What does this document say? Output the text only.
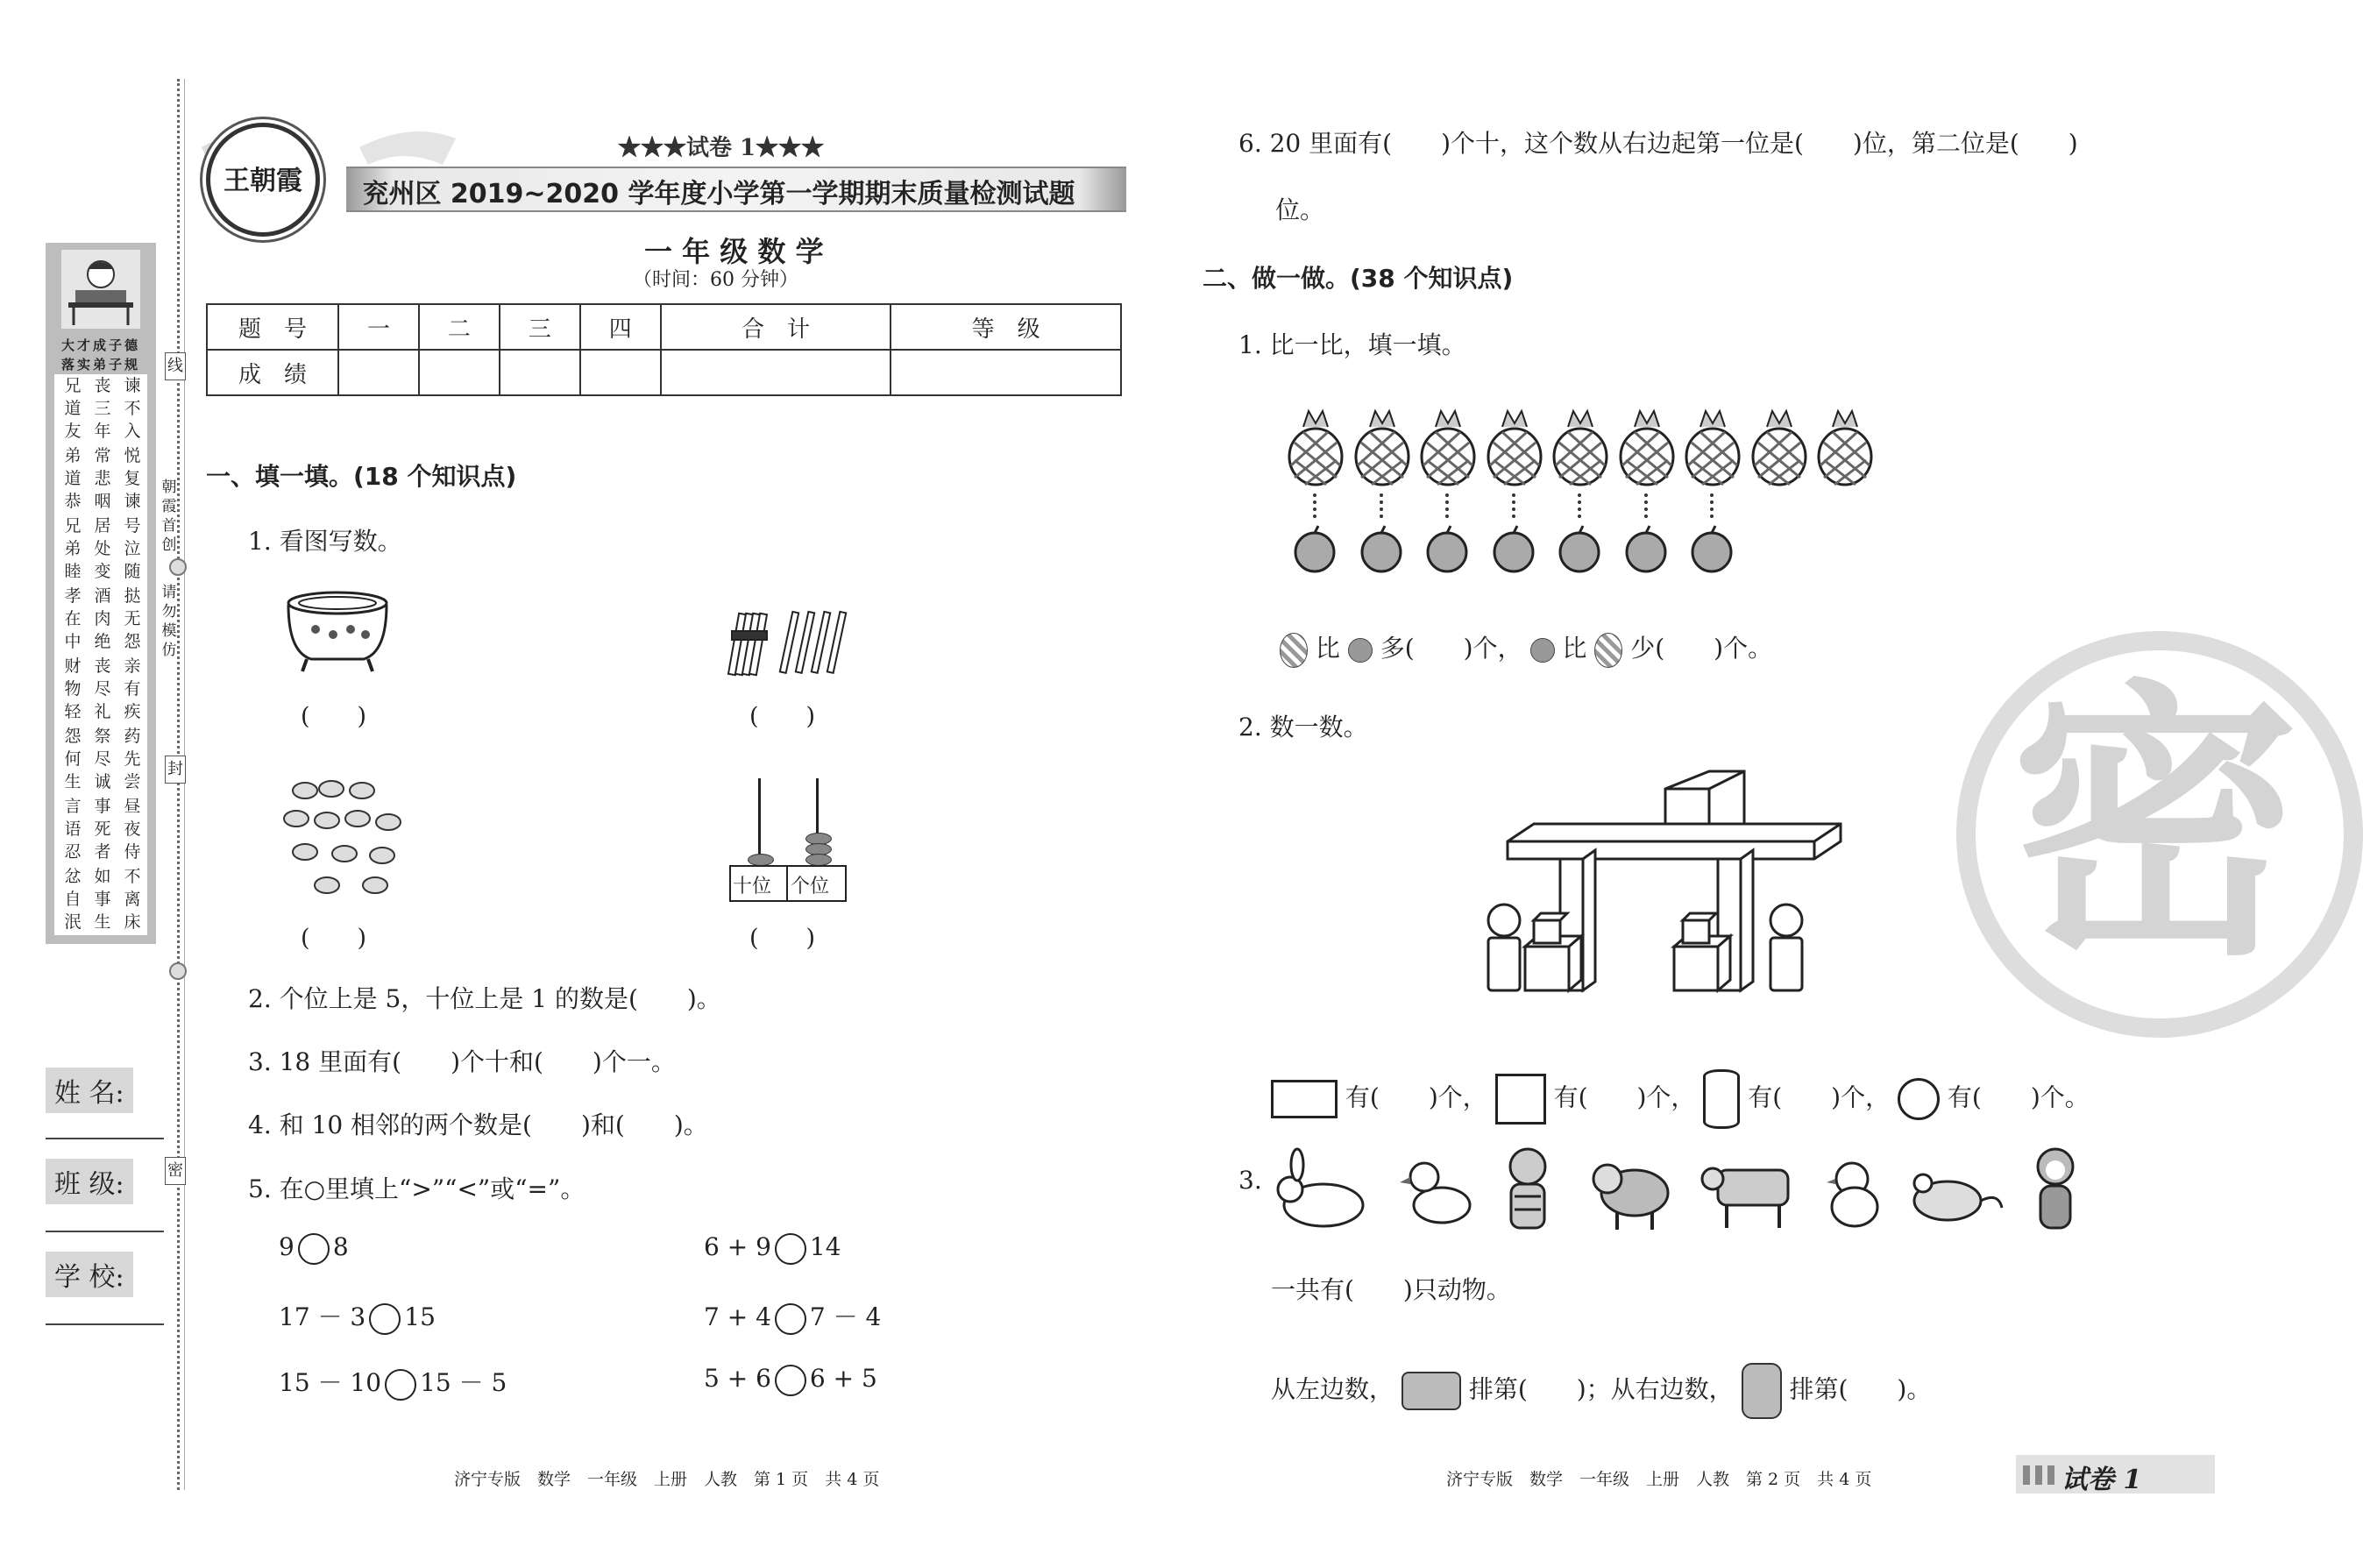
大才成子德
落实弟子规
兄道友
丧三年
谏不入
弟道恭
常悲咽
悦复谏
兄弟睦
居处变
号泣随
孝在中
酒肉绝
挞无怨
财物轻
丧尽礼
亲有疾
怨何生
祭尽诚
药先尝
言语忍
事死者
昼夜侍
忿自泯
如事生
不离床
线
封
密
朝霞首创
请勿模仿
姓 名:
班 级:
学 校:
王朝霞
★★★试卷 1★★★
兖州区 2019~2020 学年度小学第一学期期末质量检测试题
一 年 级 数 学
（时间：60 分钟）
题　号	一	二	三	四	合　计	等　级
成　绩						
一、填一填。(18 个知识点)
1. 看图写数。
(　　)	(　　)
(　　)
十位 个位
(　　)
2. 个位上是 5，十位上是 1 的数是(　　)。
3. 18 里面有(　　)个十和(　　)个一。
4. 和 10 相邻的两个数是(　　)和(　　)。
5. 在○里填上“>”“<”或“=”。
9 8	6 + 9 14
17 － 3 15	7 + 4 7 － 4
15 － 10 15 － 5	5 + 6 6 + 5
济宁专版　数学　一年级　上册　人教　第 1 页　共 4 页
6. 20 里面有(　　)个十，这个数从右边起第一位是(　　)位，第二位是(　　)
位。
二、做一做。(38 个知识点)
1. 比一比，填一填。
比 多(　　)个， 比 少(　　)个。
2. 数一数。
有(　　)个，	有(　　)个， 有(　　)个， 有(　　)个。
3.
一共有(　　)只动物。
从左边数，	排第(　　)；从右边数， 排第(　　)。
济宁专版　数学　一年级　上册　人教　第 2 页　共 4 页	试卷 1
密
